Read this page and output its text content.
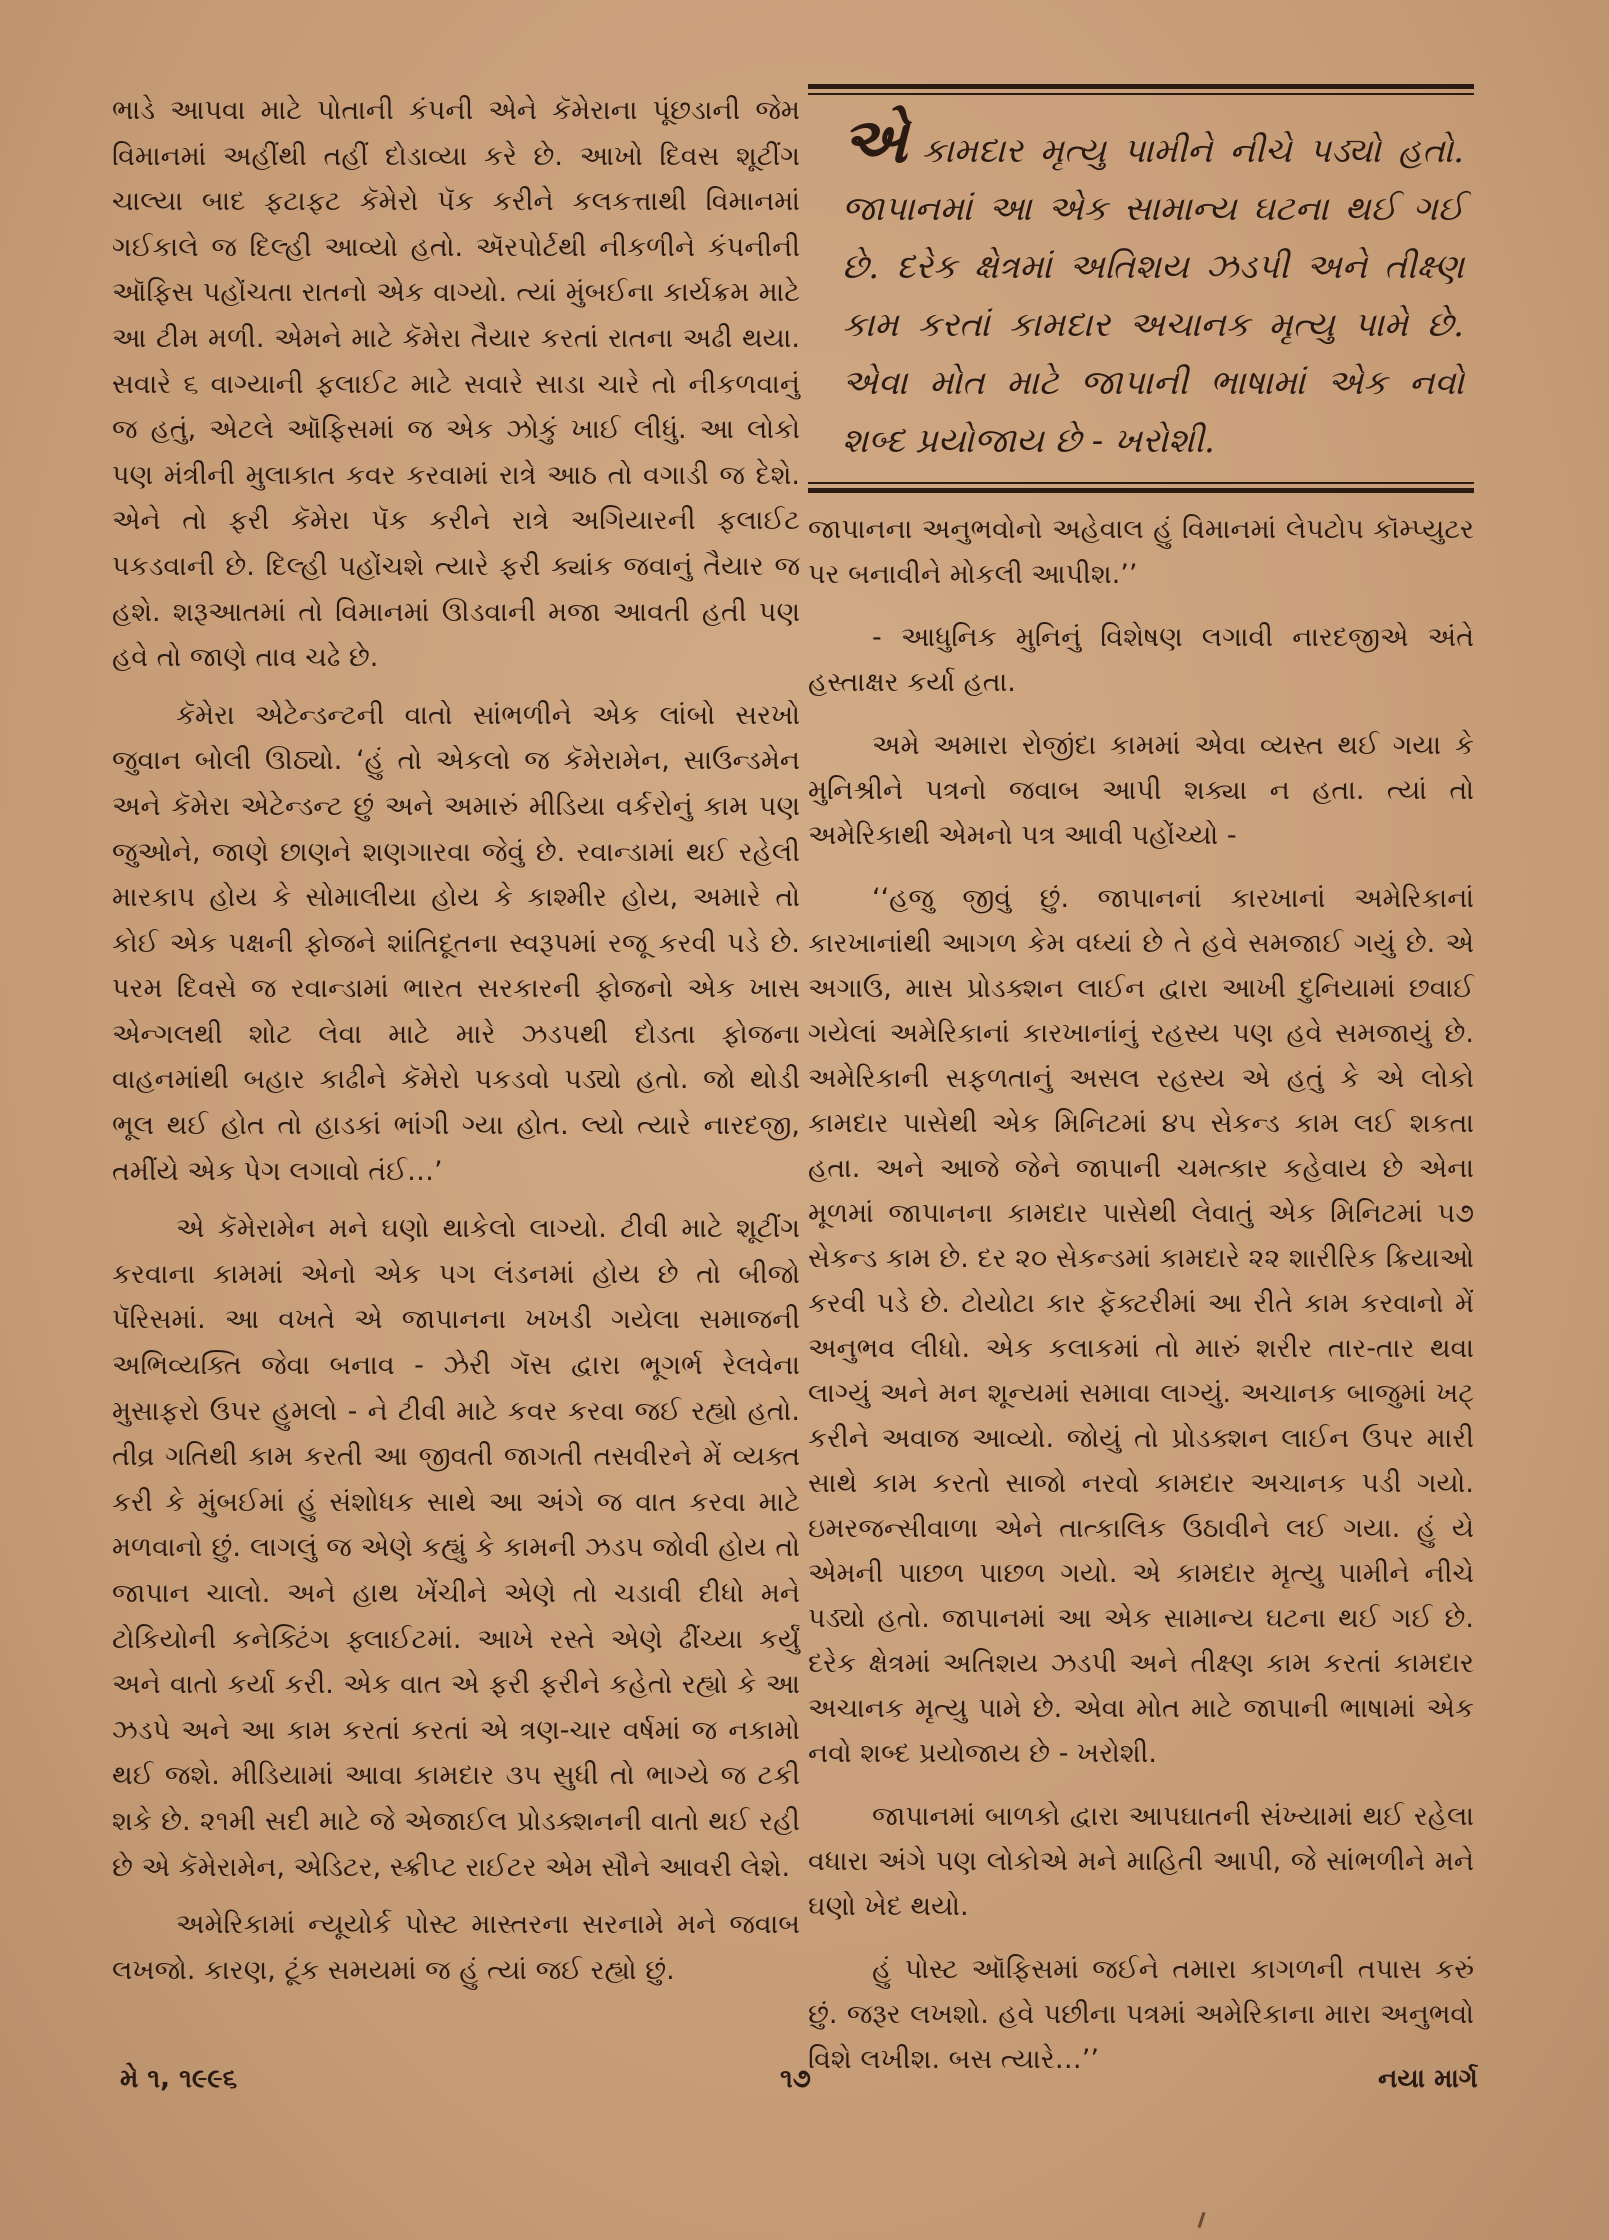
ભાડે આપવા માટે પોતાની કંપની એને કૅમેરાના પૂંછડાની જેમ વિમાનમાં અહીંથી તહીં દોડાવ્યા કરે છે. આખો દિવસ શૂટીંગ ચાલ્યા બાદ ફટાફટ કૅમેરો પૅક કરીને કલકત્તાથી વિમાનમાં ગઈકાલે જ દિલ્હી આવ્યો હતો. ઍરપોર્ટથી નીકળીને કંપનીની ઑફિસ પહોંચતા રાતનો એક વાગ્યો. ત્યાં મુંબઈના કાર્યક્રમ માટે આ ટીમ મળી. એમને માટે કૅમેરા તૈયાર કરતાં રાતના અઢી થયા. સવારે ૬ વાગ્યાની ફલાઈટ માટે સવારે સાડા ચારે તો નીકળવાનું જ હતું, એટલે ઑફિસમાં જ એક ઝોકું ખાઈ લીધું. આ લોકો પણ મંત્રીની મુલાકાત કવર કરવામાં રાત્રે આઠ તો વગાડી જ દેશે. એને તો ફરી કૅમેરા પૅક કરીને રાત્રે અગિયારની ફલાઈટ પકડવાની છે. દિલ્હી પહોંચશે ત્યારે ફરી ક્યાંક જવાનું તૈયાર જ હશે. શરૂઆતમાં તો વિમાનમાં ઊડવાની મજા આવતી હતી પણ હવે તો જાણે તાવ ચઢે છે.

કૅમેરા એટેન્ડન્ટની વાતો સાંભળીને એક લાંબો સરખો જુવાન બોલી ઊઠ્યો. ‘હું તો એકલો જ કૅમેરામેન, સાઉન્ડમેન અને કૅમેરા એટેન્ડન્ટ છું અને અમારું મીડિયા વર્કરોનું કામ પણ જુઓને, જાણે છાણને શણગારવા જેવું છે. રવાન્ડામાં થઈ રહેલી મારકાપ હોય કે સોમાલીયા હોય કે કાશ્મીર હોય, અમારે તો કોઈ એક પક્ષની ફોજને શાંતિદૂતના સ્વરૂપમાં રજૂ કરવી પડે છે. પરમ દિવસે જ રવાન્ડામાં ભારત સરકારની ફોજનો એક ખાસ એન્ગલથી શોટ લેવા માટે મારે ઝડપથી દોડતા ફોજના વાહનમાંથી બહાર કાઢીને કૅમેરો પકડવો પડ્યો હતો. જો થોડી ભૂલ થઈ હોત તો હાડકાં ભાંગી ગ્યા હોત. લ્યો ત્યારે નારદજી, તમીંયે એક પેગ લગાવો તંઈ…’

એ કૅમેરામેન મને ઘણો થાકેલો લાગ્યો. ટીવી માટે શૂટીંગ કરવાના કામમાં એનો એક પગ લંડનમાં હોય છે તો બીજો પૅરિસમાં. આ વખતે એ જાપાનના ખખડી ગયેલા સમાજની અભિવ્યક્તિ જેવા બનાવ - ઝેરી ગૅસ દ્વારા ભૂગર્ભ રેલવેના મુસાફરો ઉપર હુમલો - ને ટીવી માટે કવર કરવા જઈ રહ્યો હતો. તીવ્ર ગતિથી કામ કરતી આ જીવતી જાગતી તસવીરને મેં વ્યક્ત કરી કે મુંબઈમાં હું સંશોધક સાથે આ અંગે જ વાત કરવા માટે મળવાનો છું. લાગલું જ એણે કહ્યું કે કામની ઝડપ જોવી હોય તો જાપાન ચાલો. અને હાથ ખેંચીને એણે તો ચડાવી દીધો મને ટોકિયોની કનેક્ટિંગ ફ્લાઈટમાં. આખે રસ્તે એણે ઢીંચ્યા કર્યું અને વાતો કર્યા કરી. એક વાત એ ફરી ફરીને કહેતો રહ્યો કે આ ઝડપે અને આ કામ કરતાં કરતાં એ ત્રણ-ચાર વર્ષમાં જ નકામો થઈ જશે. મીડિયામાં આવા કામદાર ૩૫ સુધી તો ભાગ્યે જ ટકી શકે છે. ૨૧મી સદી માટે જે એજાઈલ પ્રોડક્શનની વાતો થઈ રહી છે એ કૅમેરામેન, એડિટર, સ્ક્રીપ્ટ રાઈટર એમ સૌને આવરી લેશે.

અમેરિકામાં ન્યૂયોર્ક પોસ્ટ માસ્તરના સરનામે મને જવાબ લખજો. કારણ, ટૂંક સમયમાં જ હું ત્યાં જઈ રહ્યો છું.

એકામદાર મૃત્યુ પામીને નીચે પડ્યો હતો. જાપાનમાં આ એક સામાન્ય ઘટના થઈ ગઈ છે. દરેક ક્ષેત્રમાં અતિશય ઝડપી અને તીક્ષ્ણ કામ કરતાં કામદાર અચાનક મૃત્યુ પામે છે. એવા મોત માટે જાપાની ભાષામાં એક નવો શબ્દ પ્રયોજાય છે - ખરોશી.

જાપાનના અનુભવોનો અહેવાલ હું વિમાનમાં લેપટોપ કૉમ્પ્યુટર પર બનાવીને મોકલી આપીશ.’’

- આધુનિક મુનિનું વિશેષણ લગાવી નારદજીએ અંતે હસ્તાક્ષર કર્યા હતા.

અમે અમારા રોજીંદા કામમાં એવા વ્યસ્ત થઈ ગયા કે મુનિશ્રીને પત્રનો જવાબ આપી શક્યા ન હતા. ત્યાં તો અમેરિકાથી એમનો પત્ર આવી પહોંચ્યો -

‘‘હજુ જીવું છું. જાપાનનાં કારખાનાં અમેરિકાનાં કારખાનાંથી આગળ કેમ વધ્યાં છે તે હવે સમજાઈ ગયું છે. એ અગાઉ, માસ પ્રોડક્શન લાઈન દ્વારા આખી દુનિયામાં છવાઈ ગયેલાં અમેરિકાનાં કારખાનાંનું રહસ્ય પણ હવે સમજાયું છે. અમેરિકાની સફળતાનું અસલ રહસ્ય એ હતું કે એ લોકો કામદાર પાસેથી એક મિનિટમાં ૪૫ સેકન્ડ કામ લઈ શકતા હતા. અને આજે જેને જાપાની ચમત્કાર કહેવાય છે એના મૂળમાં જાપાનના કામદાર પાસેથી લેવાતું એક મિનિટમાં ૫૭ સેકન્ડ કામ છે. દર ૨૦ સેકન્ડમાં કામદારે ૨૨ શારીરિક ક્રિયાઓ કરવી પડે છે. ટોયોટા કાર ફૅક્ટરીમાં આ રીતે કામ કરવાનો મેં અનુભવ લીધો. એક કલાકમાં તો મારું શરીર તાર-તાર થવા લાગ્યું અને મન શૂન્યમાં સમાવા લાગ્યું. અચાનક બાજુમાં ખટ્ કરીને અવાજ આવ્યો. જોયું તો પ્રોડક્શન લાઈન ઉપર મારી સાથે કામ કરતો સાજો નરવો કામદાર અચાનક પડી ગયો. ઇમરજન્સીવાળા એને તાત્કાલિક ઉઠાવીને લઈ ગયા. હું યે એમની પાછળ પાછળ ગયો. એ કામદાર મૃત્યુ પામીને નીચે પડ્યો હતો. જાપાનમાં આ એક સામાન્ય ઘટના થઈ ગઈ છે. દરેક ક્ષેત્રમાં અતિશય ઝડપી અને તીક્ષ્ણ કામ કરતાં કામદાર અચાનક મૃત્યુ પામે છે. એવા મોત માટે જાપાની ભાષામાં એક નવો શબ્દ પ્રયોજાય છે - ખરોશી.

જાપાનમાં બાળકો દ્વારા આપઘાતની સંખ્યામાં થઈ રહેલા વધારા અંગે પણ લોકોએ મને માહિતી આપી, જે સાંભળીને મને ઘણો ખેદ થયો.

હું પોસ્ટ ઑફિસમાં જઈને તમારા કાગળની તપાસ કરું છું. જરૂર લખશો. હવે પછીના પત્રમાં અમેરિકાના મારા અનુભવો વિશે લખીશ. બસ ત્યારે…’’

મે ૧, ૧૯૯૬	૧૭	નયા માર્ગ
